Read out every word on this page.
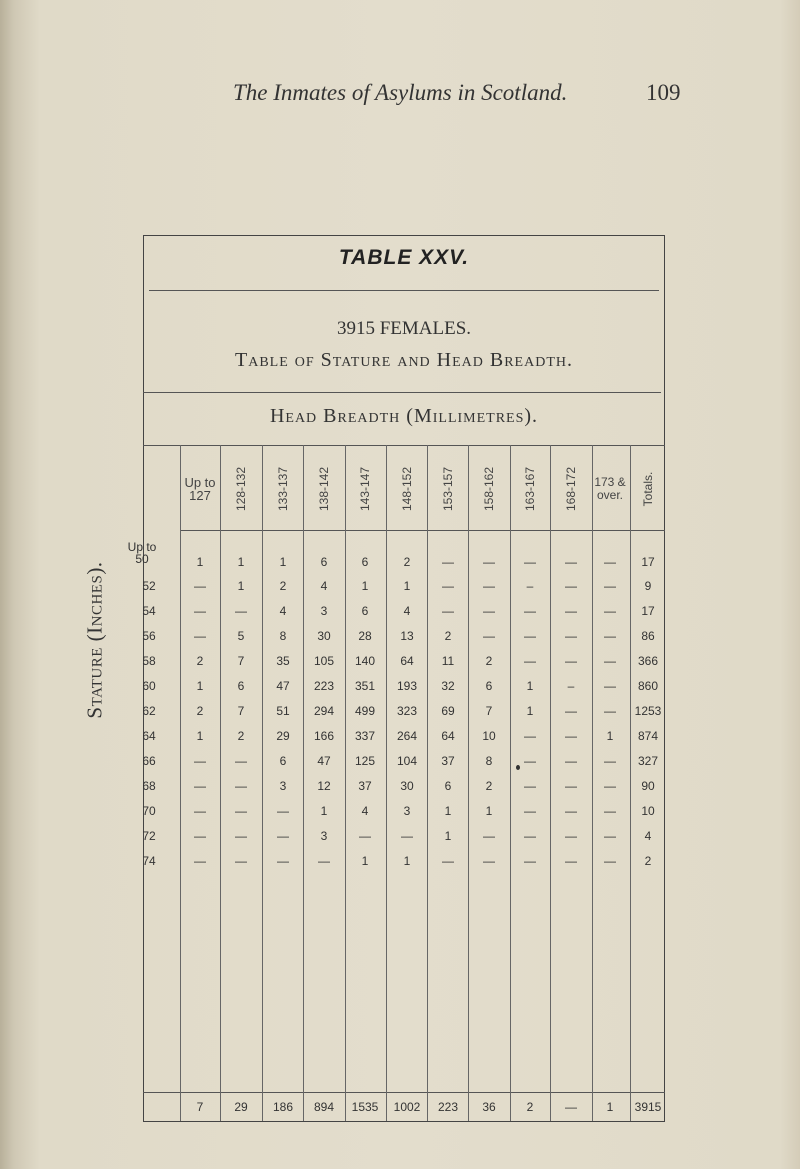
The Inmates of Asylums in Scotland.	109
Stature (Inches).
TABLE XXV.
3915 FEMALES.
Table of Stature and Head Breadth.
Head Breadth (Millimetres).
Up to 127	128-132 133-137 138-142 143-147 148-152 153-157 158-162 163-167 168-172	173 & over.	Totals.
Up to 50	1	1	1	6	6	2	—	—	—	—	—	17
52	—	1	2	4	1	1	—	—	–	—	—	9
54	—	—	4	3	6	4	—	—	—	—	—	17
56	—	5	8	30	28	13	2	—	—	—	—	86
58	2	7	35	105	140	64	11	2	—	—	—	366
60	1	6	47	223	351	193	32	6	1	–	—	860
62	2	7	51	294	499	323	69	7	1	—	—	1253
64	1	2	29	166	337	264	64	10	—	—	1	874
66	—	—	6	47	125	104	37	8	—	—	—	327
68	—	—	3	12	37	30	6	2	—	—	—	90
70	—	—	—	1	4	3	1	1	—	—	—	10
72	—	—	—	3	—	—	1	—	—	—	—	4
74	—	—	—	—	1	1	—	—	—	—	—	2
7	29	186	894	1535	1002	223	36	2	—	1	3915
